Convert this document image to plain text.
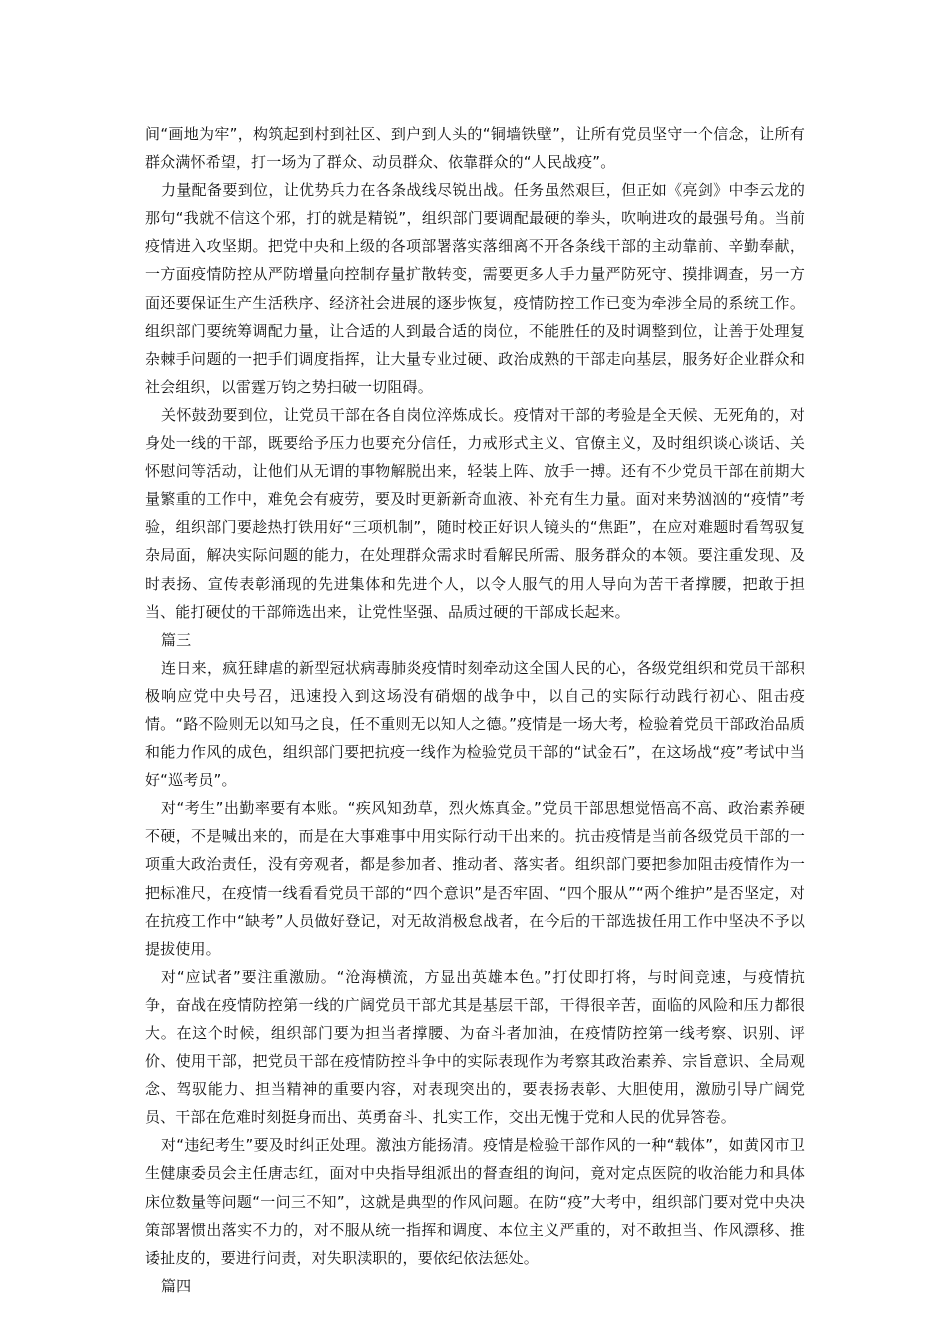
间“画地为牢”，构筑起到村到社区、到户到人头的“铜墙铁壁”，让所有党员坚守一个信念，让所有群众满怀希望，打一场为了群众、动员群众、依靠群众的“人民战疫”。

力量配备要到位，让优势兵力在各条战线尽锐出战。任务虽然艰巨，但正如《亮剑》中李云龙的那句“我就不信这个邪，打的就是精锐”，组织部门要调配最硬的拳头，吹响进攻的最强号角。当前疫情进入攻坚期。把党中央和上级的各项部署落实落细离不开各条线干部的主动靠前、辛勤奉献，一方面疫情防控从严防增量向控制存量扩散转变，需要更多人手力量严防死守、摸排调查，另一方面还要保证生产生活秩序、经济社会进展的逐步恢复，疫情防控工作已变为牵涉全局的系统工作。组织部门要统筹调配力量，让合适的人到最合适的岗位，不能胜任的及时调整到位，让善于处理复杂棘手问题的一把手们调度指挥，让大量专业过硬、政治成熟的干部走向基层，服务好企业群众和社会组织，以雷霆万钧之势扫破一切阻碍。

关怀鼓劲要到位，让党员干部在各自岗位淬炼成长。疫情对干部的考验是全天候、无死角的，对身处一线的干部，既要给予压力也要充分信任，力戒形式主义、官僚主义，及时组织谈心谈话、关怀慰问等活动，让他们从无谓的事物解脱出来，轻装上阵、放手一搏。还有不少党员干部在前期大量繁重的工作中，难免会有疲劳，要及时更新新奇血液、补充有生力量。面对来势汹汹的“疫情”考验，组织部门要趁热打铁用好“三项机制”，随时校正好识人镜头的“焦距”，在应对难题时看驾驭复杂局面，解决实际问题的能力，在处理群众需求时看解民所需、服务群众的本领。要注重发现、及时表扬、宣传表彰涌现的先进集体和先进个人，以令人服气的用人导向为苦干者撑腰，把敢于担当、能打硬仗的干部筛选出来，让党性坚强、品质过硬的干部成长起来。

篇三

连日来，疯狂肆虐的新型冠状病毒肺炎疫情时刻牵动这全国人民的心，各级党组织和党员干部积极响应党中央号召，迅速投入到这场没有硝烟的战争中，以自己的实际行动践行初心、阻击疫情。“路不险则无以知马之良，任不重则无以知人之德。”疫情是一场大考，检验着党员干部政治品质和能力作风的成色，组织部门要把抗疫一线作为检验党员干部的“试金石”，在这场战“疫”考试中当好“巡考员”。

对“考生”出勤率要有本账。“疾风知劲草，烈火炼真金。”党员干部思想觉悟高不高、政治素养硬不硬，不是喊出来的，而是在大事难事中用实际行动干出来的。抗击疫情是当前各级党员干部的一项重大政治责任，没有旁观者，都是参加者、推动者、落实者。组织部门要把参加阻击疫情作为一把标准尺，在疫情一线看看党员干部的“四个意识”是否牢固、“四个服从”“两个维护”是否坚定，对在抗疫工作中“缺考”人员做好登记，对无故消极怠战者，在今后的干部选拔任用工作中坚决不予以提拔使用。

对“应试者”要注重激励。“沧海横流，方显出英雄本色。”打仗即打将，与时间竞速，与疫情抗争，奋战在疫情防控第一线的广阔党员干部尤其是基层干部，干得很辛苦，面临的风险和压力都很大。在这个时候，组织部门要为担当者撑腰、为奋斗者加油，在疫情防控第一线考察、识别、评价、使用干部，把党员干部在疫情防控斗争中的实际表现作为考察其政治素养、宗旨意识、全局观念、驾驭能力、担当精神的重要内容，对表现突出的，要表扬表彰、大胆使用，激励引导广阔党员、干部在危难时刻挺身而出、英勇奋斗、扎实工作，交出无愧于党和人民的优异答卷。

对“违纪考生”要及时纠正处理。激浊方能扬清。疫情是检验干部作风的一种“载体”，如黄冈市卫生健康委员会主任唐志红，面对中央指导组派出的督查组的询问，竟对定点医院的收治能力和具体床位数量等问题“一问三不知”，这就是典型的作风问题。在防“疫”大考中，组织部门要对党中央决策部署惯出落实不力的，对不服从统一指挥和调度、本位主义严重的，对不敢担当、作风漂移、推诿扯皮的，要进行问责，对失职渎职的，要依纪依法惩处。

篇四
